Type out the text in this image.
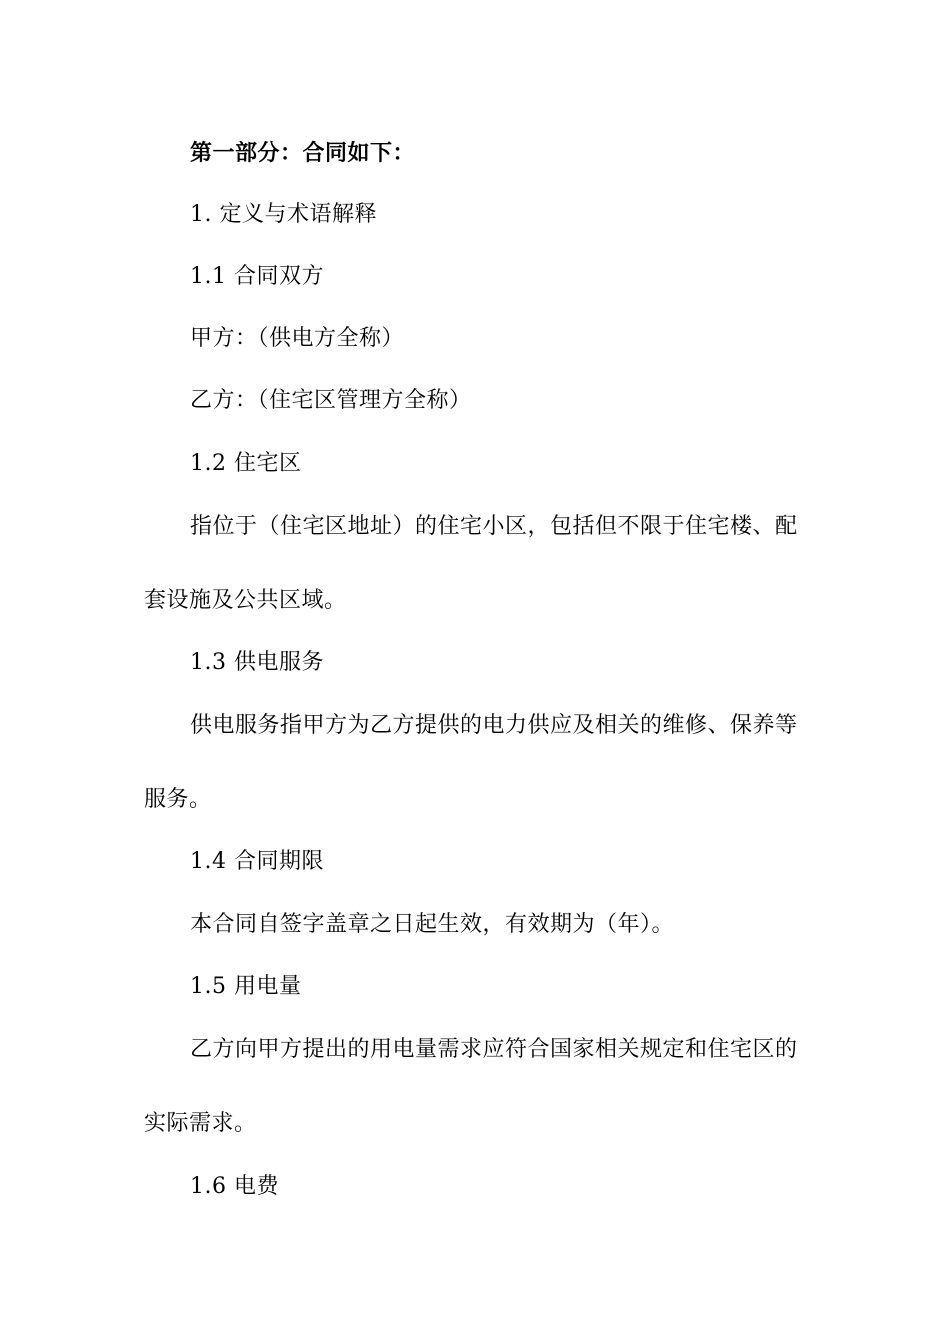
第一部分：合同如下：
1. 定义与术语解释
1.1 合同双方
甲方：（供电方全称）
乙方：（住宅区管理方全称）
1.2 住宅区
指位于（住宅区地址）的住宅小区，包括但不限于住宅楼、配
套设施及公共区域。
1.3 供电服务
供电服务指甲方为乙方提供的电力供应及相关的维修、保养等
服务。
1.4 合同期限
本合同自签字盖章之日起生效，有效期为（年）。
1.5 用电量
乙方向甲方提出的用电量需求应符合国家相关规定和住宅区的
实际需求。
1.6 电费
